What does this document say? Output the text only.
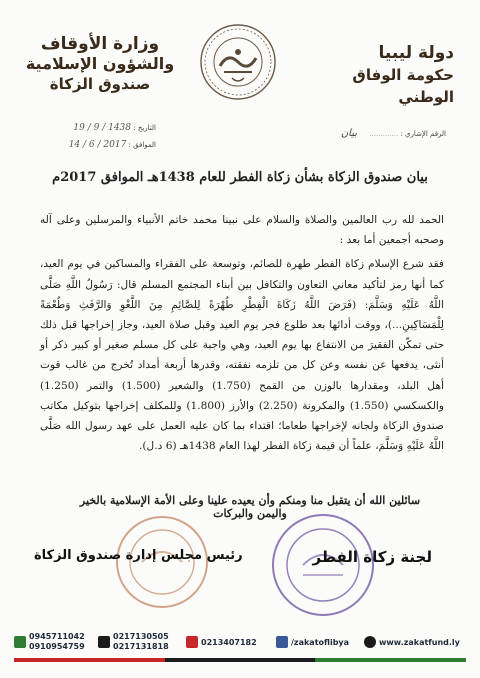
دولة ليبيا
حكومة الوفاق الوطني
وزارة الأوقاف
والشؤون الإسلامية
صندوق الزكاة
الرقم الإشاري : ............. بيان
التاريخ : 1438 / 9 / 19
الموافق : 2017 / 6 / 14
بيان صندوق الزكاة بشأن زكاة الفطر للعام 1438هـ الموافق 2017م

الحمد لله رب العالمين والصلاة والسلام على نبينا محمد خاتم الأنبياء والمرسلين وعلى آله وصحبه أجمعين أما بعد :

فقد شرع الإسلام زكاة الفطر طهرة للصائم، وتوسعة على الفقراء والمساكين في يوم العيد، كما أنها رمز لتأكيد معاني التعاون والتكافل بين أبناء المجتمع المسلم قال: رَسُولُ اللَّهِ صَلَّى اللَّهُ عَلَيْهِ وَسَلَّمَ: (فَرَضَ اللَّهُ زَكَاةَ الْفِطْرِ طُهْرَةً لِلصَّائِمِ مِنَ اللَّغْوِ وَالرَّفَثِ وَطُعْمَةً لِلْمَسَاكِينِ...)، ووقت أدائها بعد طلوع فجر يوم العيد وقبل صلاة العيد، وجاز إخراجها قبل ذلك حتى تمكّن الفقيرَ من الانتفاع بها يوم العيد، وهي واجبة على كل مسلم صغير أو كبير ذكر أو أنثى، يدفعها عن نفسه وعن كل من تلزمه نفقته، وقدرها أربعة أمداد تُخرج من غالب قوت أهل البلد، ومقدارها بالوزن من القمح (1.750) والشعير (1.500) والتمر (1.250) والكسكسي (1.550) والمكرونة (2.250) والأرز (1.800) وللمكلف إخراجها بتوكيل مكاتب صندوق الزكاة ولجانه لإخراجها طعاما؛ اقتداء بما كان عليه العمل على عهد رسول الله صَلَّى اللَّهُ عَلَيْهِ وَسَلَّمَ، علماً أن قيمة زكاة الفطر لهذا العام 1438هـ (6 د.ل).

سائلين الله أن يتقبل منا ومنكم وأن يعيده علينا وعلى الأمة الإسلامية بالخير واليمن والبركات
لجنة زكاة الفطر
رئيس مجلس إدارة صندوق الزكاة
0945711042
0910954759
0217130505
0217131818	0213407182	/zakatoflibya	www.zakatfund.ly
